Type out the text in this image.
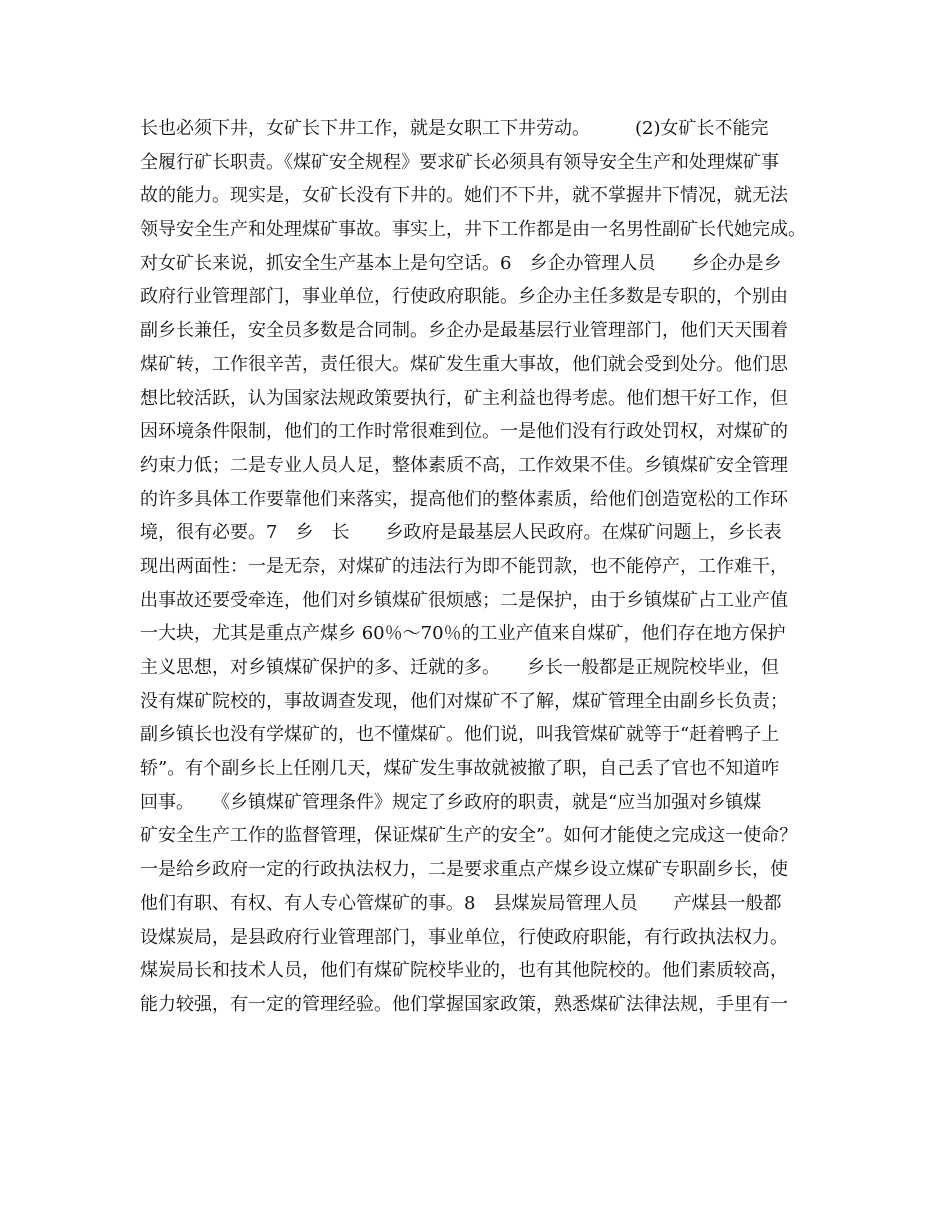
长也必须下井，女矿长下井工作，就是女职工下井劳动。　　　(2)女矿长不能完
全履行矿长职责。《煤矿安全规程》要求矿长必须具有领导安全生产和处理煤矿事
故的能力。现实是，女矿长没有下井的。她们不下井，就不掌握井下情况，就无法
领导安全生产和处理煤矿事故。事实上，井下工作都是由一名男性副矿长代她完成。
对女矿长来说，抓安全生产基本上是句空话。6　乡企办管理人员　　乡企办是乡
政府行业管理部门，事业单位，行使政府职能。乡企办主任多数是专职的，个别由
副乡长兼任，安全员多数是合同制。乡企办是最基层行业管理部门，他们天天围着
煤矿转，工作很辛苦，责任很大。煤矿发生重大事故，他们就会受到处分。他们思
想比较活跃，认为国家法规政策要执行，矿主利益也得考虑。他们想干好工作，但
因环境条件限制，他们的工作时常很难到位。一是他们没有行政处罚权，对煤矿的
约束力低；二是专业人员人足，整体素质不高，工作效果不佳。乡镇煤矿安全管理
的许多具体工作要靠他们来落实，提高他们的整体素质，给他们创造宽松的工作环
境，很有必要。7　乡　长　　乡政府是最基层人民政府。在煤矿问题上，乡长表
现出两面性：一是无奈，对煤矿的违法行为即不能罚款，也不能停产，工作难干，
出事故还要受牵连，他们对乡镇煤矿很烦感；二是保护，由于乡镇煤矿占工业产值
一大块，尤其是重点产煤乡 60％～70％的工业产值来自煤矿，他们存在地方保护
主义思想，对乡镇煤矿保护的多、迁就的多。　　乡长一般都是正规院校毕业，但
没有煤矿院校的，事故调查发现，他们对煤矿不了解，煤矿管理全由副乡长负责；
副乡镇长也没有学煤矿的，也不懂煤矿。他们说，叫我管煤矿就等于“赶着鸭子上
轿”。有个副乡长上任刚几天，煤矿发生事故就被撤了职，自己丢了官也不知道咋
回事。　　《乡镇煤矿管理条件》规定了乡政府的职责，就是“应当加强对乡镇煤
矿安全生产工作的监督管理，保证煤矿生产的安全”。如何才能使之完成这一使命？
一是给乡政府一定的行政执法权力，二是要求重点产煤乡设立煤矿专职副乡长，使
他们有职、有权、有人专心管煤矿的事。8　县煤炭局管理人员　　产煤县一般都
设煤炭局，是县政府行业管理部门，事业单位，行使政府职能，有行政执法权力。
煤炭局长和技术人员，他们有煤矿院校毕业的，也有其他院校的。他们素质较高，
能力较强，有一定的管理经验。他们掌握国家政策，熟悉煤矿法律法规，手里有一
